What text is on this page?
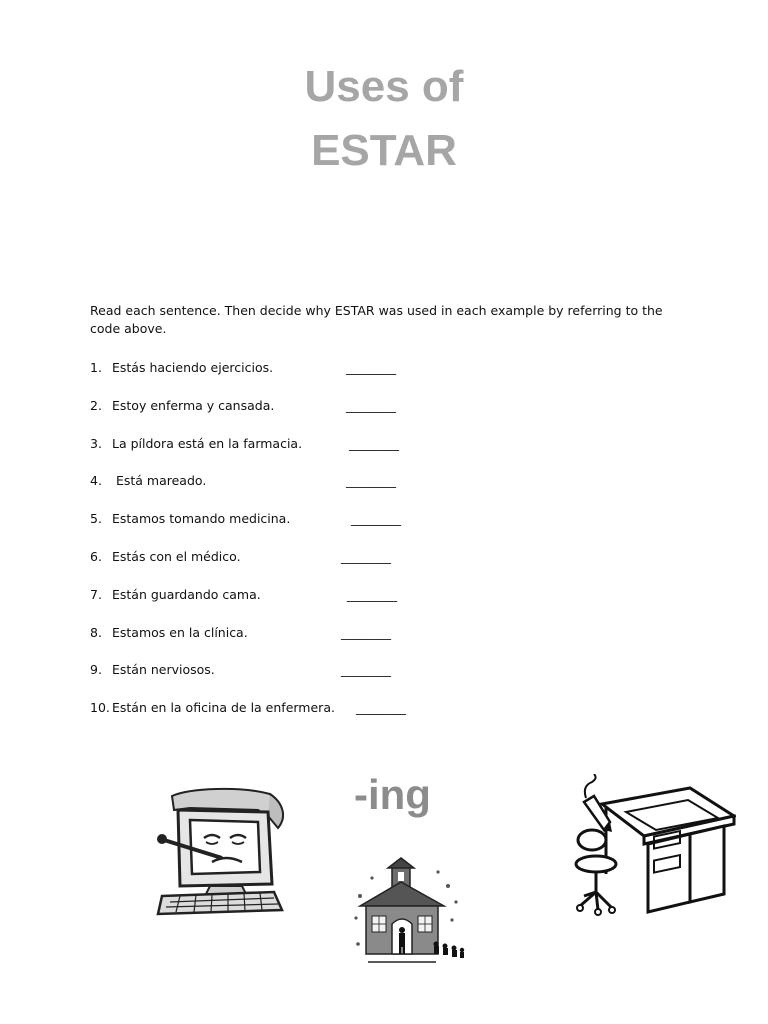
Uses of
ESTAR

Read each sentence. Then decide why ESTAR was used in each example by referring to the code above.

1. Estás haciendo ejercicios.	________
2. Estoy enferma y cansada.	________
3. La píldora está en la farmacia.	________
4. Está mareado.	________
5. Estamos tomando medicina.	________
6. Estás con el médico.	________
7. Están guardando cama.	________
8. Estamos en la clínica.	________
9. Están nerviosos.	________
10. Están en la oficina de la enfermera. ________
-ing
